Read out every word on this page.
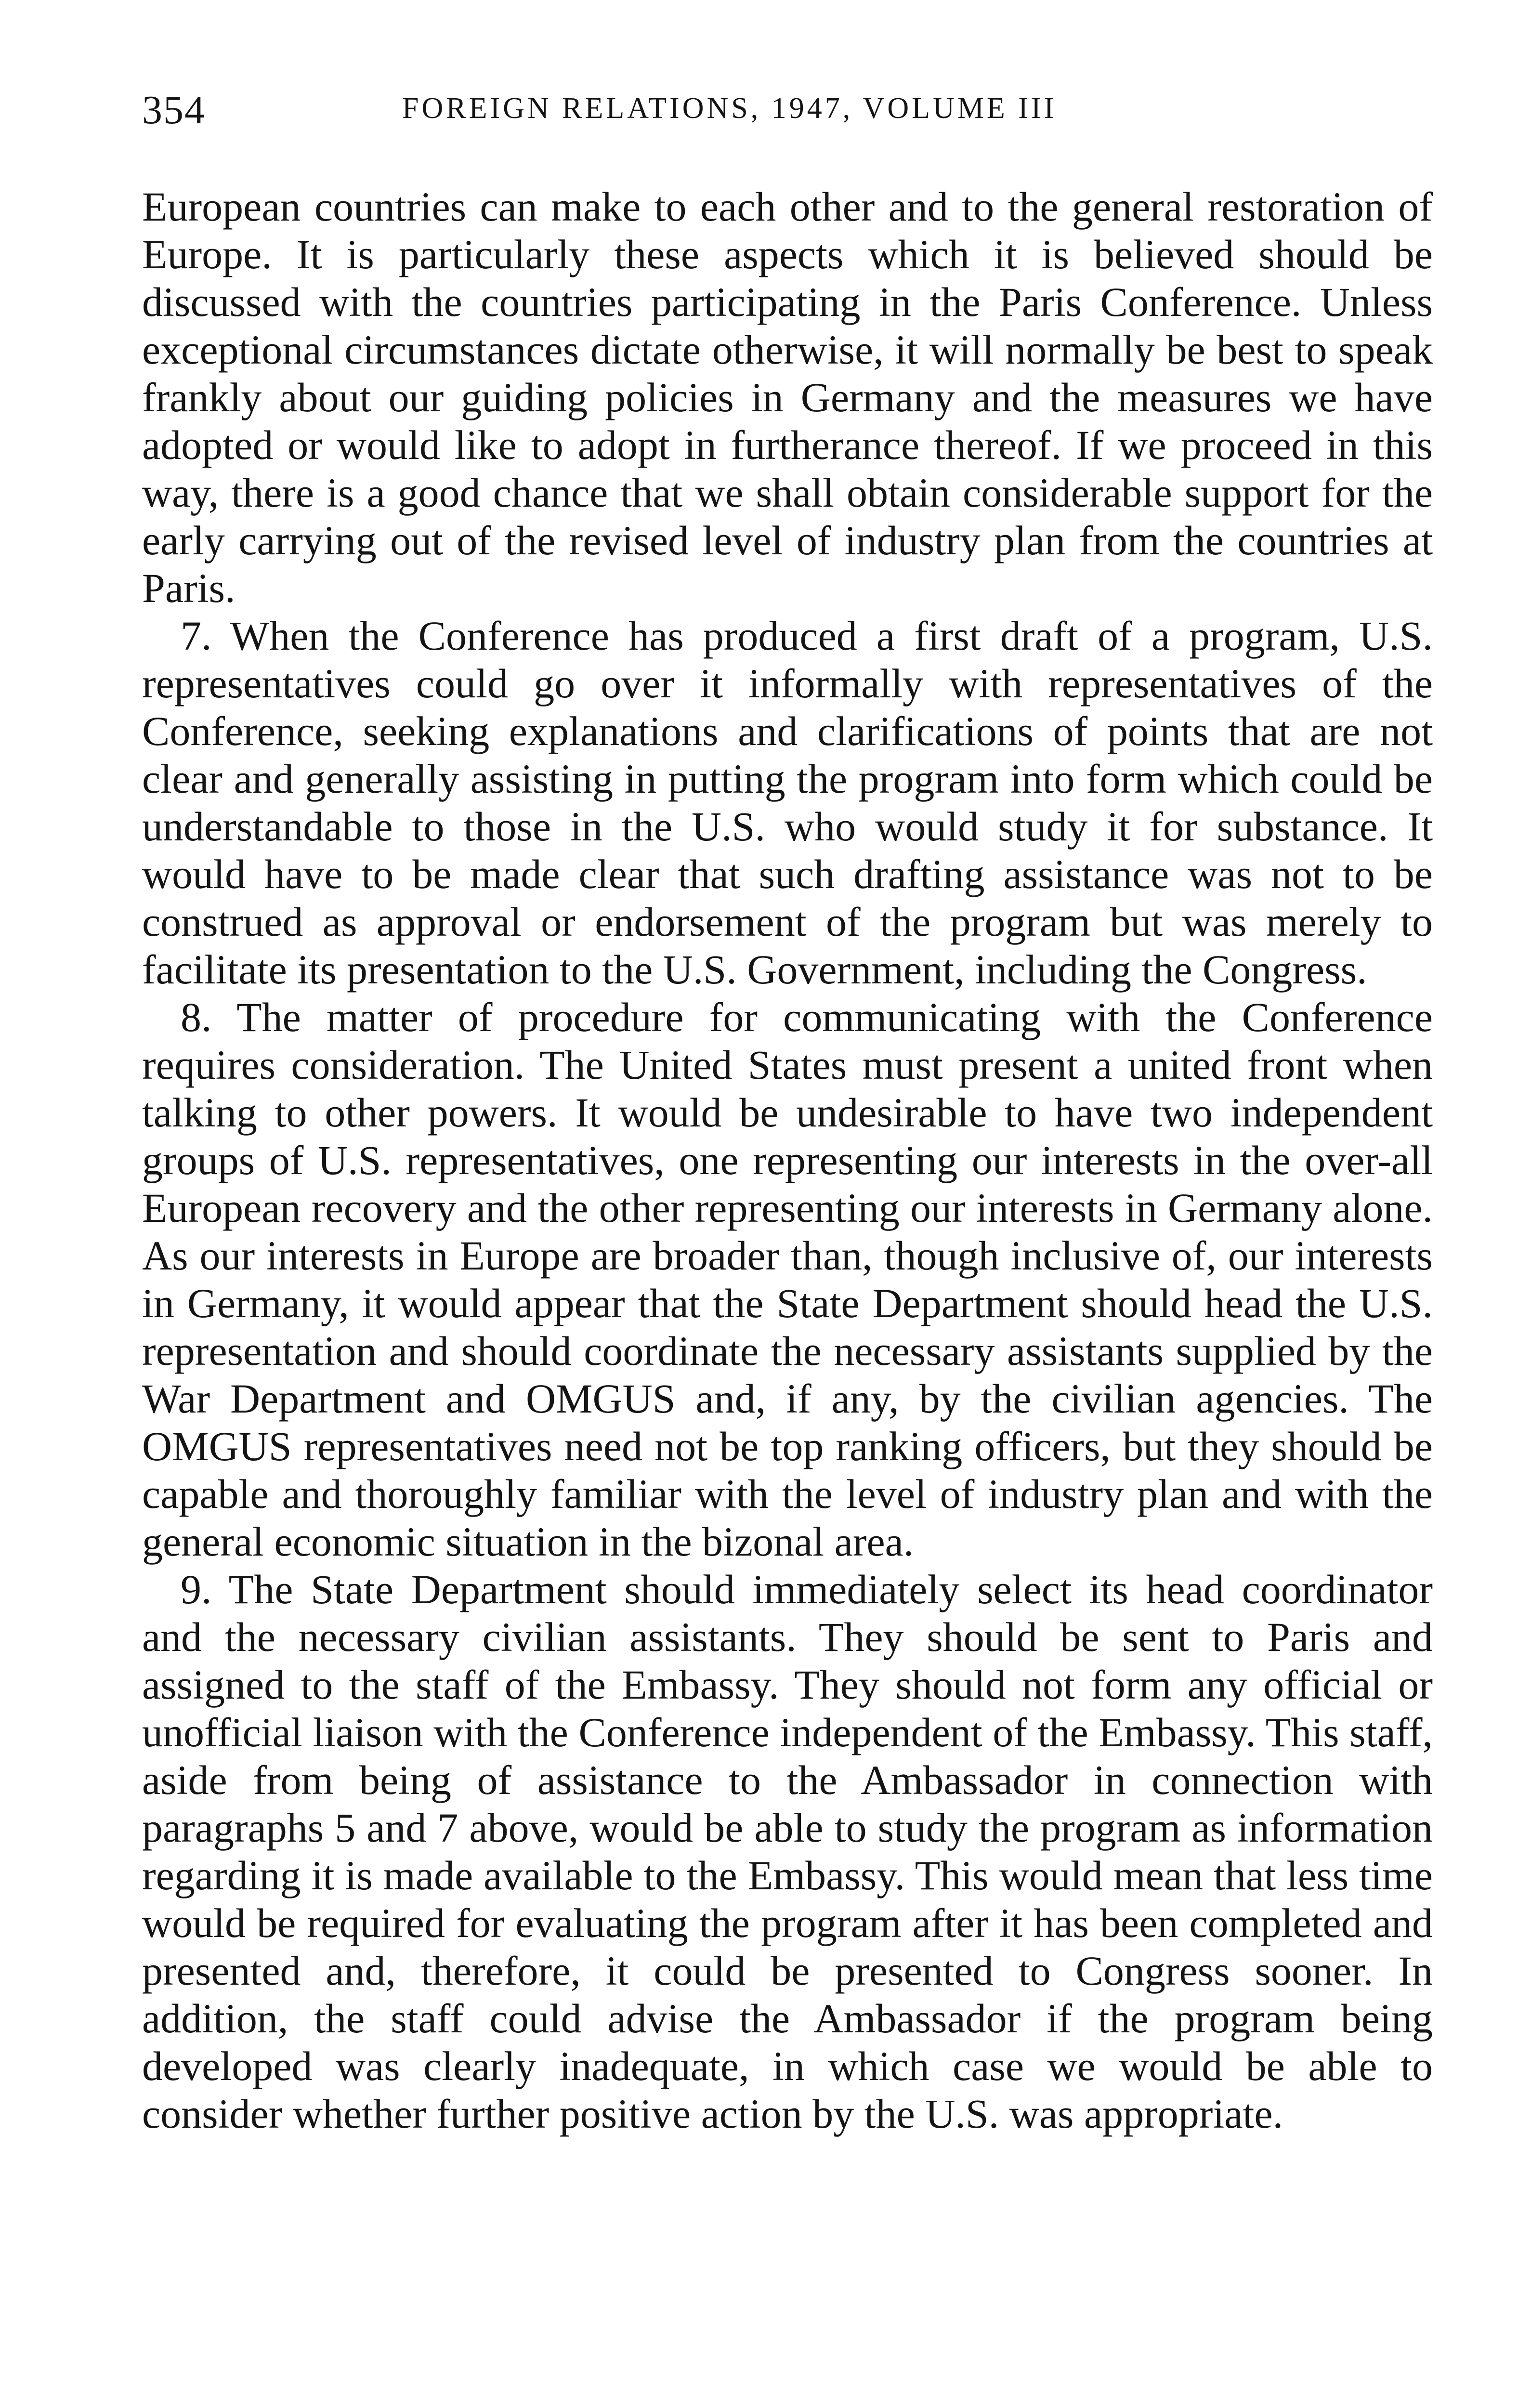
354	FOREIGN RELATIONS, 1947, VOLUME III

European countries can make to each other and to the general restoration of Europe. It is particularly these aspects which it is believed should be discussed with the countries participating in the Paris Conference. Unless exceptional circumstances dictate otherwise, it will normally be best to speak frankly about our guiding policies in Germany and the measures we have adopted or would like to adopt in furtherance thereof. If we proceed in this way, there is a good chance that we shall obtain considerable support for the early carrying out of the revised level of industry plan from the countries at Paris.

7. When the Conference has produced a first draft of a program, U.S. representatives could go over it informally with representatives of the Conference, seeking explanations and clarifications of points that are not clear and generally assisting in putting the program into form which could be understandable to those in the U.S. who would study it for substance. It would have to be made clear that such drafting assistance was not to be construed as approval or endorsement of the program but was merely to facilitate its presentation to the U.S. Government, including the Congress.

8. The matter of procedure for communicating with the Conference requires consideration. The United States must present a united front when talking to other powers. It would be undesirable to have two independent groups of U.S. representatives, one representing our interests in the over-all European recovery and the other representing our interests in Germany alone. As our interests in Europe are broader than, though inclusive of, our interests in Germany, it would appear that the State Department should head the U.S. representation and should coordinate the necessary assistants supplied by the War Department and OMGUS and, if any, by the civilian agencies. The OMGUS representatives need not be top ranking officers, but they should be capable and thoroughly familiar with the level of industry plan and with the general economic situation in the bizonal area.

9. The State Department should immediately select its head coordinator and the necessary civilian assistants. They should be sent to Paris and assigned to the staff of the Embassy. They should not form any official or unofficial liaison with the Conference independent of the Embassy. This staff, aside from being of assistance to the Ambassador in connection with paragraphs 5 and 7 above, would be able to study the program as information regarding it is made available to the Embassy. This would mean that less time would be required for evaluating the program after it has been completed and presented and, therefore, it could be presented to Congress sooner. In addition, the staff could advise the Ambassador if the program being developed was clearly inadequate, in which case we would be able to consider whether further positive action by the U.S. was appropriate.
